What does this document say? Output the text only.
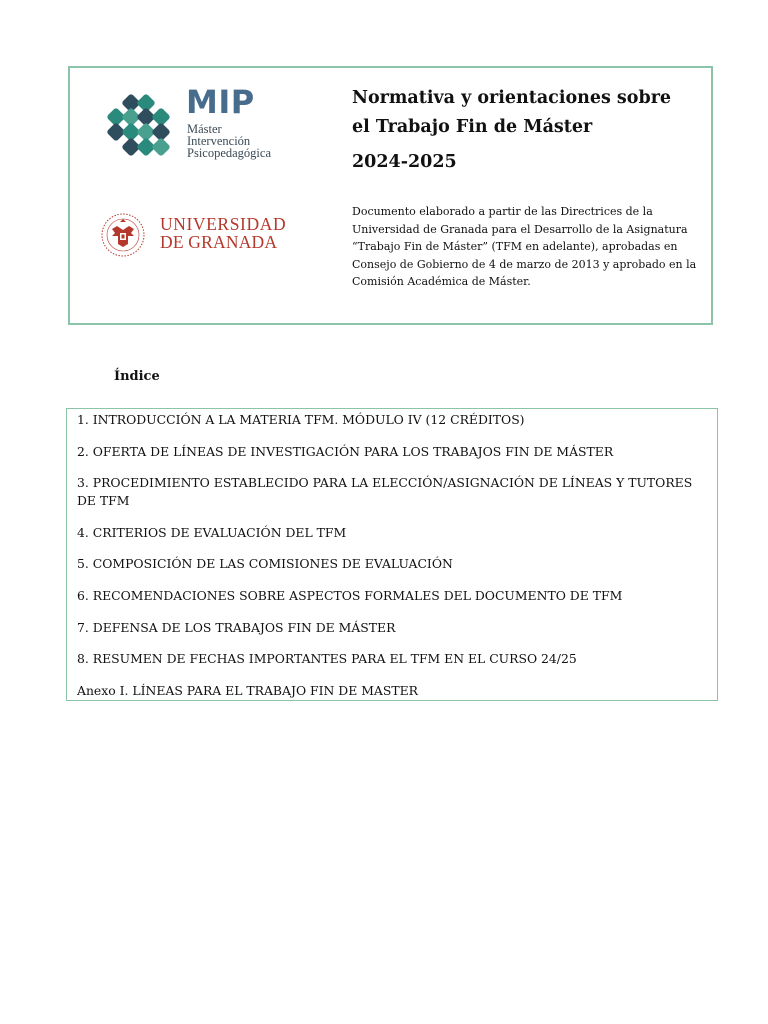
MIP
Máster
Intervención
Psicopedagógica
UNIVERSIDAD
DE GRANADA
Normativa y orientaciones sobre
el Trabajo Fin de Máster
2024-2025
Documento elaborado a partir de las Directrices de la Universidad de Granada para el Desarrollo de la Asignatura “Trabajo Fin de Máster” (TFM en adelante), aprobadas en Consejo de Gobierno de 4 de marzo de 2013 y aprobado en la Comisión Académica de Máster.
Índice
1. INTRODUCCIÓN A LA MATERIA TFM. MÓDULO IV (12 CRÉDITOS)
2. OFERTA DE LÍNEAS DE INVESTIGACIÓN PARA LOS TRABAJOS FIN DE MÁSTER
3. PROCEDIMIENTO ESTABLECIDO PARA LA ELECCIÓN/ASIGNACIÓN DE LÍNEAS Y TUTORES DE TFM
4. CRITERIOS DE EVALUACIÓN DEL TFM
5. COMPOSICIÓN DE LAS COMISIONES DE EVALUACIÓN
6. RECOMENDACIONES SOBRE ASPECTOS FORMALES DEL DOCUMENTO DE TFM
7. DEFENSA DE LOS TRABAJOS FIN DE MÁSTER
8. RESUMEN DE FECHAS IMPORTANTES PARA EL TFM EN EL CURSO 24/25
Anexo I. LÍNEAS PARA EL TRABAJO FIN DE MASTER
